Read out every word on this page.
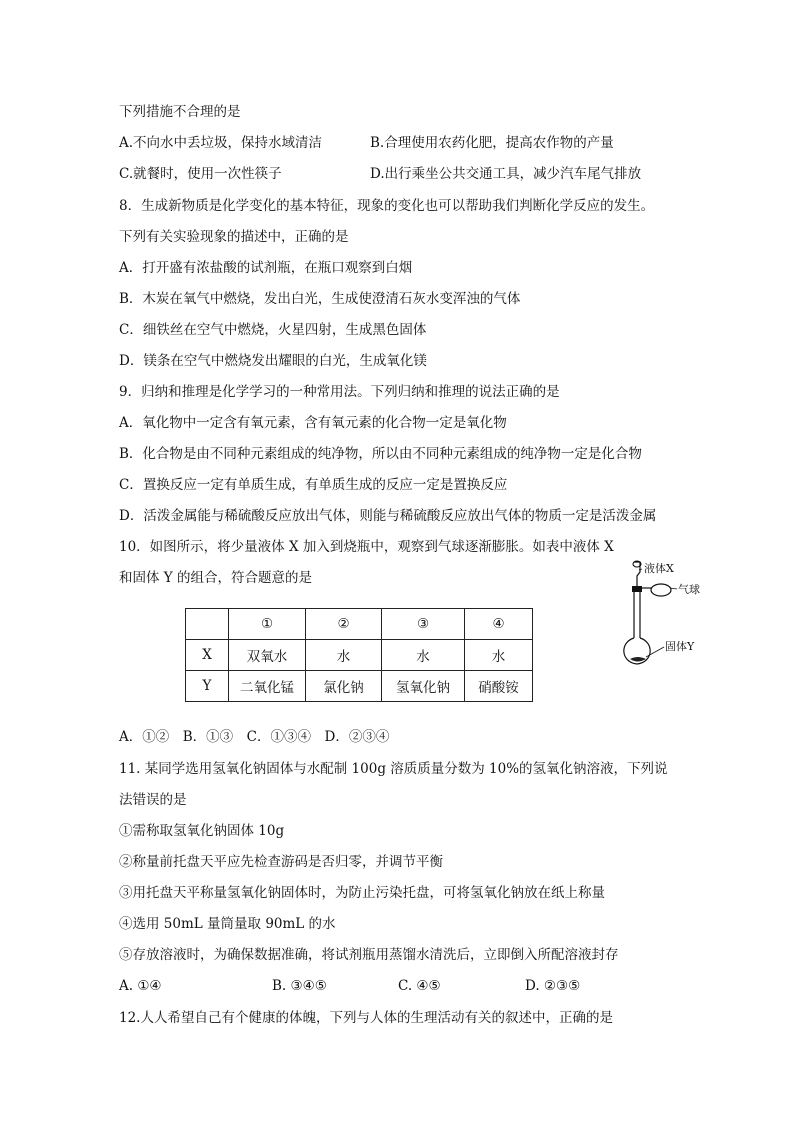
下列措施不合理的是
A.不向水中丢垃圾，保持水域清洁	B.合理使用农药化肥，提高农作物的产量
C.就餐时，使用一次性筷子	D.出行乘坐公共交通工具，减少汽车尾气排放
8．生成新物质是化学变化的基本特征，现象的变化也可以帮助我们判断化学反应的发生。
下列有关实验现象的描述中，正确的是
A．打开盛有浓盐酸的试剂瓶，在瓶口观察到白烟
B．木炭在氧气中燃烧，发出白光，生成使澄清石灰水变浑浊的气体
C．细铁丝在空气中燃烧，火星四射，生成黑色固体
D．镁条在空气中燃烧发出耀眼的白光，生成氧化镁
9．归纳和推理是化学学习的一种常用法。下列归纳和推理的说法正确的是
A．氧化物中一定含有氧元素，含有氧元素的化合物一定是氧化物
B．化合物是由不同种元素组成的纯净物，所以由不同种元素组成的纯净物一定是化合物
C．置换反应一定有单质生成，有单质生成的反应一定是置换反应
D．活泼金属能与稀硫酸反应放出气体，则能与稀硫酸反应放出气体的物质一定是活泼金属
10．如图所示，将少量液体 X 加入到烧瓶中，观察到气球逐渐膨胀。如表中液体 X
和固体 Y 的组合，符合题意的是
	①	②	③	④
X	双氧水	水	水	水
Y	二氧化锰	氯化钠	氢氧化钠	硝酸铵
液体X
气球
固体Y
A．①②　B．①③　C．①③④　D．②③④
11. 某同学选用氢氧化钠固体与水配制 100g 溶质质量分数为 10%的氢氧化钠溶液，下列说
法错误的是
①需称取氢氧化钠固体 10g
②称量前托盘天平应先检查游码是否归零，并调节平衡
③用托盘天平称量氢氧化钠固体时，为防止污染托盘，可将氢氧化钠放在纸上称量
④选用 50mL 量筒量取 90mL 的水
⑤存放溶液时，为确保数据准确，将试剂瓶用蒸馏水清洗后，立即倒入所配溶液封存
A. ①④	B. ③④⑤	C. ④⑤	D. ②③⑤
12.人人希望自己有个健康的体魄，下列与人体的生理活动有关的叙述中，正确的是
